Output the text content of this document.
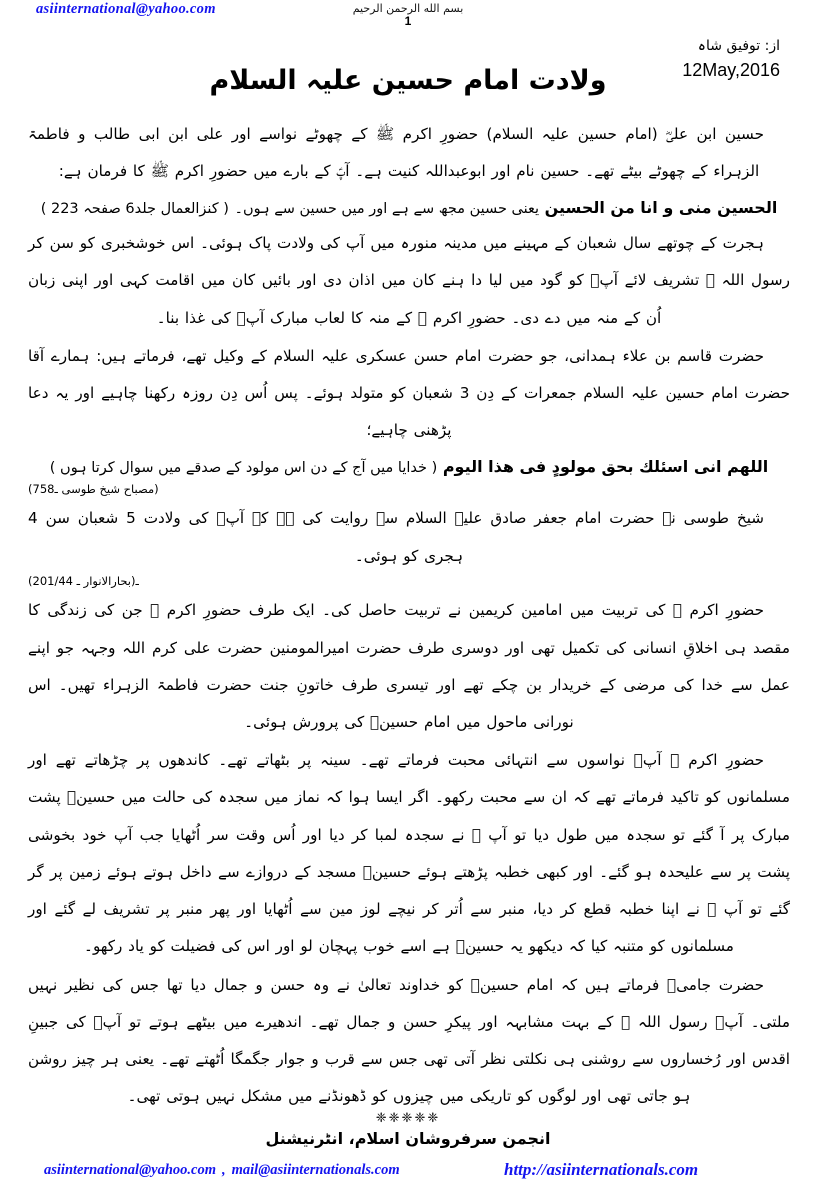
asiinternational@yahoo.com	بسم الله الرحمن الرحيم
1
از: توفیق شاہ
12May,2016
ولادت امام حسین علیہ السلام

حسین ابن علیؓ (امام حسین علیہ السلام) حضورِ اکرم ﷺ کے چھوٹے نواسے اور علی ابن ابی طالب و فاطمۃ الزہراء کے چھوٹے بیٹے تھے۔ حسین نام اور ابوعبداللہ کنیت ہے۔ آپؑ کے بارے میں حضورِ اکرم ﷺ کا فرمان ہے:

الحسين منى و انا من الحسين یعنی حسین مجھ سے ہے اور میں حسین سے ہوں۔ ( کنزالعمال جلد6 صفحہ 223 )

ہجرت کے چوتھے سال شعبان کے مہینے میں مدینہ منورہ میں آپ کی ولادت پاک ہوئی۔ اس خوشخبری کو سن کر رسول اللہ ﷺ تشریف لائے آپؑ کو گود میں لیا دا ہنے کان میں اذان دی اور بائیں کان میں اقامت کہی اور اپنی زبان اُن کے منہ میں دے دی۔ حضورِ اکرم ﷺ کے منہ کا لعاب مبارک آپؑ کی غذا بنا۔

حضرت قاسم بن علاء ہمدانی، جو حضرت امام حسن عسکری علیہ السلام کے وکیل تھے، فرماتے ہیں: ہمارے آقا حضرت امام حسین علیہ السلام جمعرات کے دِن 3 شعبان کو متولد ہوئے۔ پس اُس دِن روزہ رکھنا چاہیے اور یہ دعا پڑھنی چاہیے؛

اللهم انى اسئلك بحق مولودٍ فى هذا اليوم ( خدایا میں آج کے دن اس مولود کے صدقے میں سوال کرتا ہوں )

(مصباح شیخ طوسی ـ758)

شیخ طوسی نے حضرت امام جعفر صادق علیہ السلام سے روایت کی ہے کہ آپؑ کی ولادت 5 شعبان سن 4 ہجری کو ہوئی۔

ـ(بحارالانوار ـ 201/44)

حضورِ اکرم ﷺ کی تربیت میں امامین کریمین نے تربیت حاصل کی۔ ایک طرف حضورِ اکرم ﷺ جن کی زندگی کا مقصد ہی اخلاقِ انسانی کی تکمیل تھی اور دوسری طرف حضرت امیرالمومنین حضرت علی کرم اللہ وجہہ جو اپنے عمل سے خدا کی مرضی کے خریدار بن چکے تھے اور تیسری طرف خاتونِ جنت حضرت فاطمۃ الزہراء تھیں۔ اس نورانی ماحول میں امام حسینؑ کی پرورش ہوئی۔

حضورِ اکرم ﷺ آپؑ نواسوں سے انتہائی محبت فرماتے تھے۔ سینہ پر بٹھاتے تھے۔ کاندھوں پر چڑھاتے تھے اور مسلمانوں کو تاکید فرماتے تھے کہ ان سے محبت رکھو۔ اگر ایسا ہوا کہ نماز میں سجدہ کی حالت میں حسینؑ پشت مبارک پر آ گئے تو سجدہ میں طول دیا تو آپ ﷺ نے سجدہ لمبا کر دیا اور اُس وقت سر اُٹھایا جب آپ خود بخوشی پشت پر سے علیحدہ ہو گئے۔ اور کبھی خطبہ پڑھتے ہوئے حسینؑ مسجد کے دروازے سے داخل ہوتے ہوئے زمین پر گر گئے تو آپ ﷺ نے اپنا خطبہ قطع کر دیا، منبر سے اُتر کر نیچے لوز مین سے اُٹھایا اور پھر منبر پر تشریف لے گئے اور مسلمانوں کو متنبہ کیا کہ دیکھو یہ حسینؑ ہے اسے خوب پہچان لو اور اس کی فضیلت کو یاد رکھو۔

حضرت جامیؒ فرماتے ہیں کہ امام حسینؑ کو خداوند تعالیٰ نے وہ حسن و جمال دیا تھا جس کی نظیر نہیں ملتی۔ آپؑ رسول اللہ ﷺ کے بہت مشابہہ اور پیکرِ حسن و جمال تھے۔ اندھیرے میں بیٹھے ہوتے تو آپؑ کی جبینِ اقدس اور رُخساروں سے روشنی ہی نکلتی نظر آتی تھی جس سے قرب و جوار جگمگا اُٹھتے تھے۔ یعنی ہر چیز روشن ہو جاتی تھی اور لوگوں کو تاریکی میں چیزوں کو ڈھونڈنے میں مشکل نہیں ہوتی تھی۔

❈❈❈❈❈
انجمن سرفروشان اسلام، انٹرنیشنل
asiinternational@yahoo.com , mail@asiinternationals.com	http://asiinternationals.com
